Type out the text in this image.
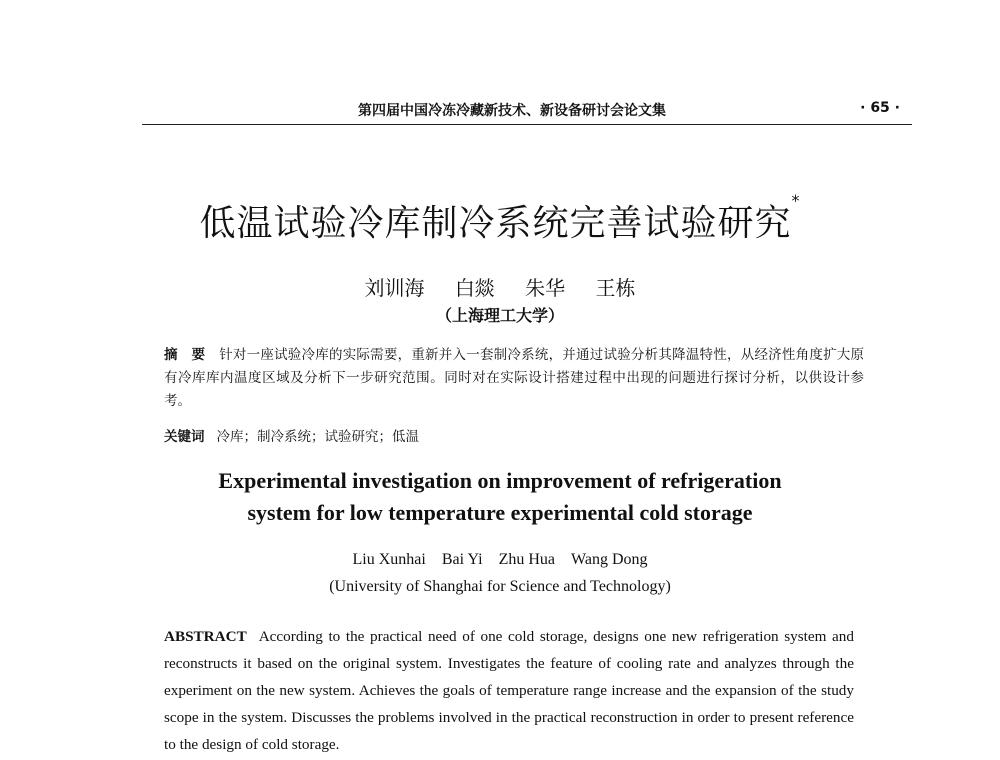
第四届中国冷冻冷藏新技术、新设备研讨会论文集	· 65 ·
低温试验冷库制冷系统完善试验研究*
刘训海 白燚 朱华 王栋
（上海理工大学）
摘　要 针对一座试验冷库的实际需要，重新并入一套制冷系统，并通过试验分析其降温特性，从经济性角度扩大原有冷库库内温度区域及分析下一步研究范围。同时对在实际设计搭建过程中出现的问题进行探讨分析，以供设计参考。
关键词 冷库；制冷系统；试验研究；低温
Experimental investigation on improvement of refrigeration
system for low temperature experimental cold storage
Liu Xunhai Bai Yi Zhu Hua Wang Dong
(University of Shanghai for Science and Technology)
ABSTRACT According to the practical need of one cold storage, designs one new refrigeration system and reconstructs it based on the original system. Investigates the feature of cooling rate and analyzes through the experiment on the new system. Achieves the goals of temperature range increase and the expansion of the study scope in the system. Discusses the problems involved in the practical reconstruction in order to present reference to the design of cold storage.
